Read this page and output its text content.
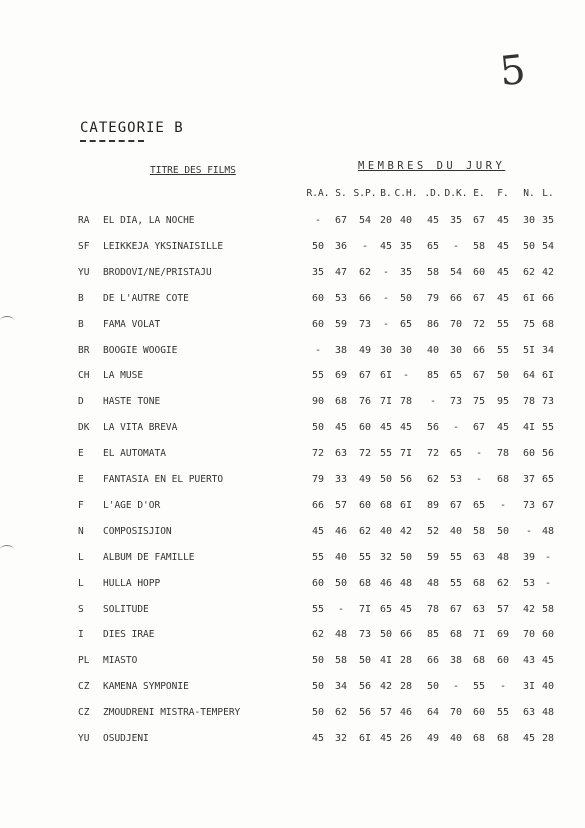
5
CATEGORIE B
TITRE DES FILMS	MEMBRES DU JURY
R.A. S. S.P. B. C.H. .D. D.K. E. F. N. L.
RA EL DIA, LA NOCHE	- 67 54 20 40 45 35 67 45 30 35
SF LEIKKEJA YKSINAISILLE	50 36 - 45 35 65 - 58 45 50 54
YU BRODOVI/NE/PRISTAJU	35 47 62 - 35 58 54 60 45 62 42
B DE L'AUTRE COTE	60 53 66 - 50 79 66 67 45 6I 66
B FAMA VOLAT	60 59 73 - 65 86 70 72 55 75 68
BR BOOGIE WOOGIE	- 38 49 30 30 40 30 66 55 5I 34
CH LA MUSE	55 69 67 6I - 85 65 67 50 64 6I
D HASTE TONE	90 68 76 7I 78 - 73 75 95 78 73
DK LA VITA BREVA	50 45 60 45 45 56 - 67 45 4I 55
E EL AUTOMATA	72 63 72 55 7I 72 65 - 78 60 56
E FANTASIA EN EL PUERTO	79 33 49 50 56 62 53 - 68 37 65
F L'AGE D'OR	66 57 60 68 6I 89 67 65 - 73 67
N COMPOSISJION	45 46 62 40 42 52 40 58 50 - 48
L ALBUM DE FAMILLE	55 40 55 32 50 59 55 63 48 39 -
L HULLA HOPP	60 50 68 46 48 48 55 68 62 53 -
S SOLITUDE	55 - 7I 65 45 78 67 63 57 42 58
I DIES IRAE	62 48 73 50 66 85 68 7I 69 70 60
PL MIASTO	50 58 50 4I 28 66 38 68 60 43 45
CZ KAMENA SYMPONIE	50 34 56 42 28 50 - 55 - 3I 40
CZ ZMOUDRENI MISTRA-TEMPERY	50 62 56 57 46 64 70 60 55 63 48
YU OSUDJENI	45 32 6I 45 26 49 40 68 68 45 28
